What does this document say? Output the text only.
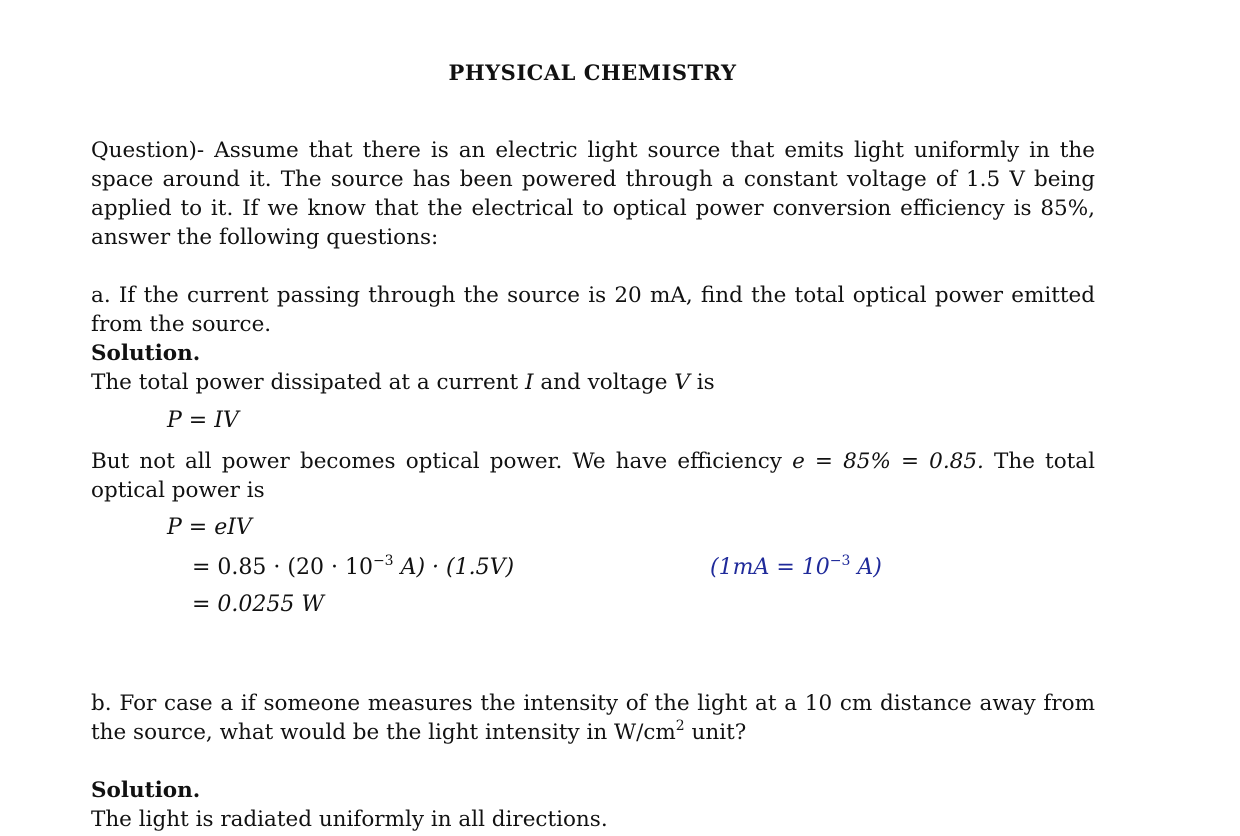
PHYSICAL CHEMISTRY
Question)- Assume that there is an electric light source that emits light uniformly in the space around it. The source has been powered through a constant voltage of 1.5 V being applied to it. If we know that the electrical to optical power conversion efficiency is 85%, answer the following questions:
a. If the current passing through the source is 20 mA, find the total optical power emitted from the source.
Solution.
The total power dissipated at a current I and voltage V is
P = IV
But not all power becomes optical power. We have efficiency e = 85% = 0.85. The total optical power is
P = eIV
= $0.85 \cdot (20 \cdot 10^{-3}$ A) · (1.5V)	($1mA = 10^{-3}$ A)
= 0.0255 W
b. For case a if someone measures the intensity of the light at a 10 cm distance away from the source, what would be the light intensity in $W/cm^2$ unit?
Solution.
The light is radiated uniformly in all directions.
